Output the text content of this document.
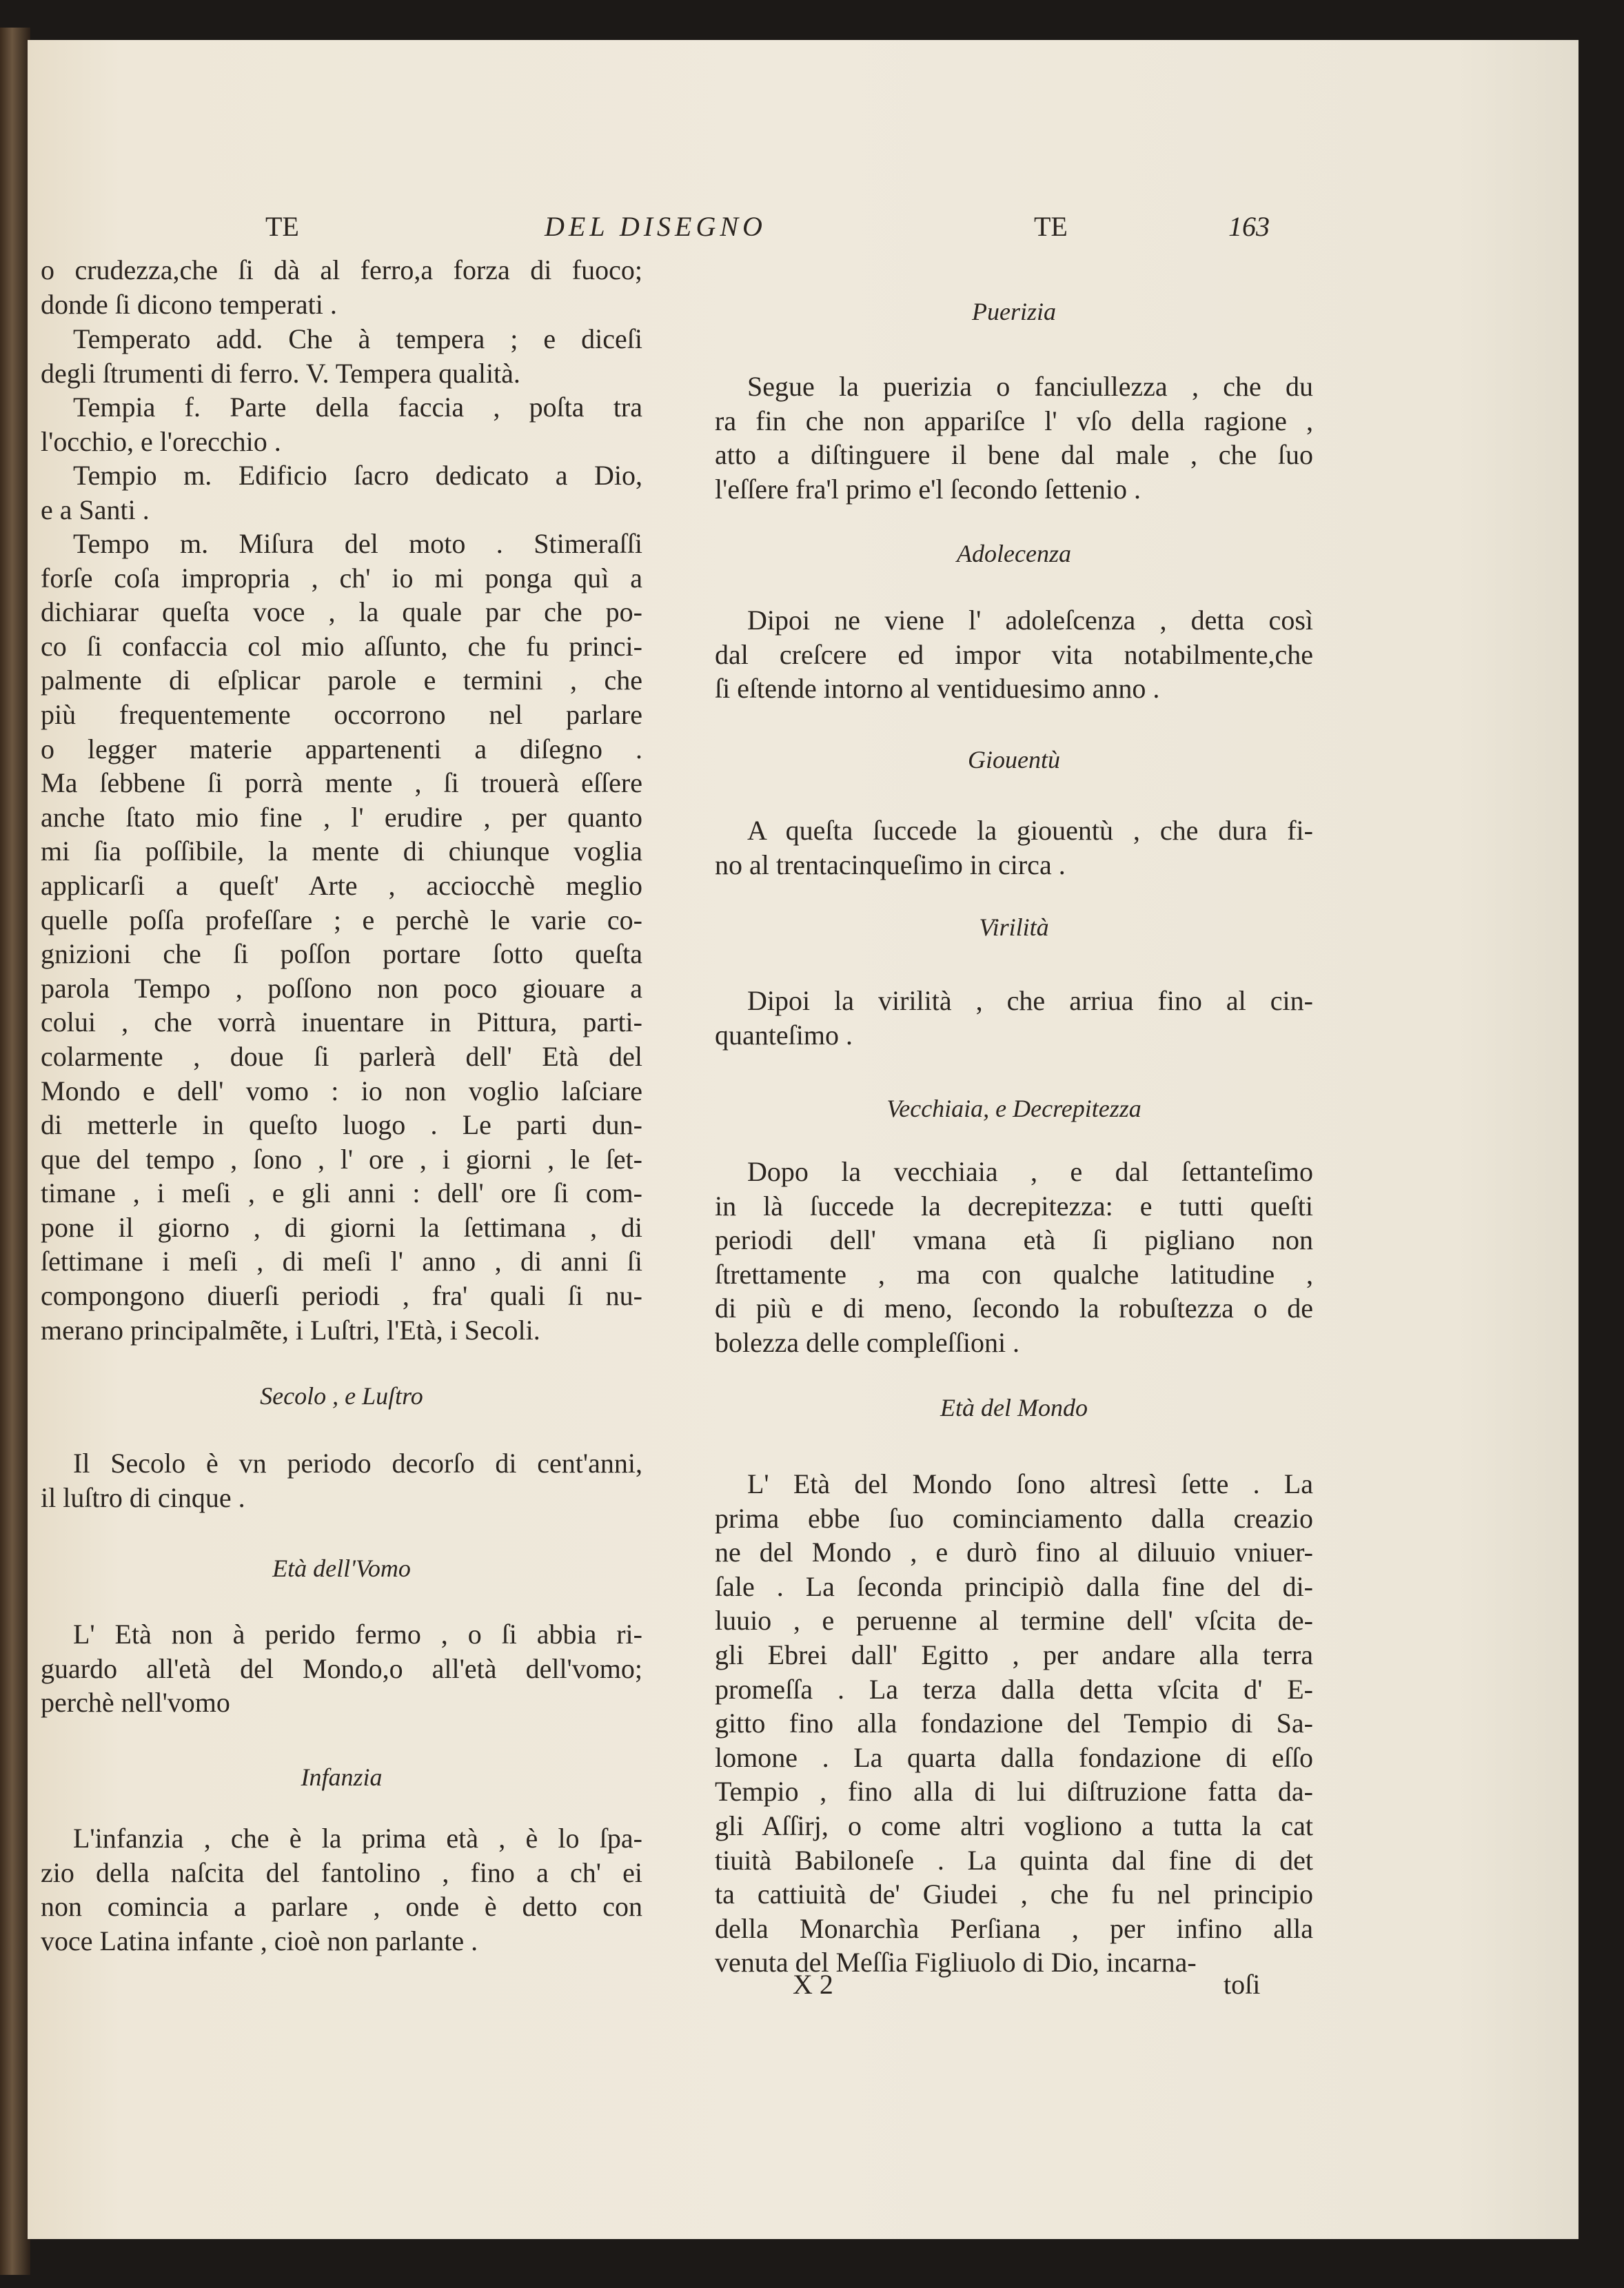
TE	DEL DISEGNO	TE	163
o crudezza,che ſi dà al ferro,a forza di fuoco;
donde ſi dicono temperati .
Temperato add. Che à tempera ; e diceſi
degli ſtrumenti di ferro. V. Tempera qualità.
Tempia f. Parte della faccia , poſta tra
l'occhio, e l'orecchio .
Tempio m. Edificio ſacro dedicato a Dio,
e a Santi .
Tempo m. Miſura del moto . Stimeraſſi
forſe coſa impropria , ch' io mi ponga quì a
dichiarar queſta voce , la quale par che po-
co ſi confaccia col mio aſſunto, che fu princi-
palmente di eſplicar parole e termini , che
più frequentemente occorrono nel parlare
o legger materie appartenenti a diſegno .
Ma ſebbene ſi porrà mente , ſi trouerà eſſere
anche ſtato mio fine , l' erudire , per quanto
mi ſia poſſibile, la mente di chiunque voglia
applicarſi a queſt' Arte , acciocchè meglio
quelle poſſa profeſſare ; e perchè le varie co-
gnizioni che ſi poſſon portare ſotto queſta
parola Tempo , poſſono non poco giouare a
colui , che vorrà inuentare in Pittura, parti-
colarmente , doue ſi parlerà dell' Età del
Mondo e dell' vomo : io non voglio laſciare
di metterle in queſto luogo . Le parti dun-
que del tempo , ſono , l' ore , i giorni , le ſet-
timane , i meſi , e gli anni : dell' ore ſi com-
pone il giorno , di giorni la ſettimana , di
ſettimane i meſi , di meſi l' anno , di anni ſi
compongono diuerſi periodi , fra' quali ſi nu-
merano principalmẽte, i Luſtri, l'Età, i Secoli.
Secolo , e Luſtro
Il Secolo è vn periodo decorſo di cent'anni,
il luſtro di cinque .
Età dell'Vomo
L' Età non à perido fermo , o ſi abbia ri-
guardo all'età del Mondo,o all'età dell'vomo;
perchè nell'vomo
Infanzia
L'infanzia , che è la prima età , è lo ſpa-
zio della naſcita del fantolino , fino a ch' ei
non comincia a parlare , onde è detto con
voce Latina infante , cioè non parlante .
Puerizia
Segue la puerizia o fanciullezza , che du
ra fin che non appariſce l' vſo della ragione ,
atto a diſtinguere il bene dal male , che ſuo
l'eſſere fra'l primo e'l ſecondo ſettenio .
Adolecenza
Dipoi ne viene l' adoleſcenza , detta così
dal creſcere ed impor vita notabilmente,che
ſi eſtende intorno al ventiduesimo anno .
Giouentù
A queſta ſuccede la giouentù , che dura fi-
no al trentacinqueſimo in circa .
Virilità
Dipoi la virilità , che arriua fino al cin-
quanteſimo .
Vecchiaia, e Decrepitezza
Dopo la vecchiaia , e dal ſettanteſimo
in là ſuccede la decrepitezza: e tutti queſti
periodi dell' vmana età ſi pigliano non
ſtrettamente , ma con qualche latitudine ,
di più e di meno, ſecondo la robuſtezza o de
bolezza delle compleſſioni .
Età del Mondo
L' Età del Mondo ſono altresì ſette . La
prima ebbe ſuo cominciamento dalla creazio
ne del Mondo , e durò fino al diluuio vniuer-
ſale . La ſeconda principiò dalla fine del di-
luuio , e peruenne al termine dell' vſcita de-
gli Ebrei dall' Egitto , per andare alla terra
promeſſa . La terza dalla detta vſcita d' E-
gitto fino alla fondazione del Tempio di Sa-
lomone . La quarta dalla fondazione di eſſo
Tempio , fino alla di lui diſtruzione fatta da-
gli Aſſirj, o come altri vogliono a tutta la cat
tiuità Babiloneſe . La quinta dal fine di det
ta cattiuità de' Giudei , che fu nel principio
della Monarchìa Perſiana , per infino alla
venuta del Meſſia Figliuolo di Dio, incarna-
X 2	toſi
